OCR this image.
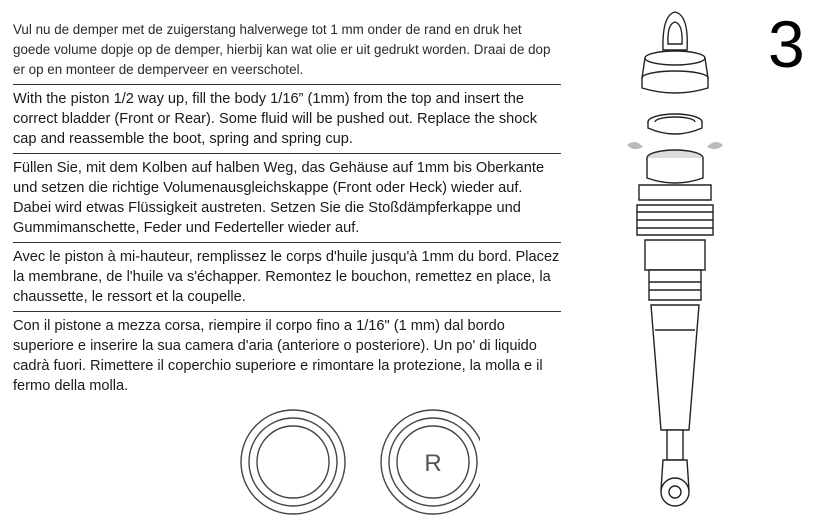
Vul nu de demper met de zuigerstang halverwege tot 1 mm onder de rand en druk het goede volume dopje op de demper, hierbij kan wat olie er uit gedrukt worden. Draai de dop er op en monteer de demperveer en veerschotel.

With the piston 1/2 way up, fill the body 1/16” (1mm) from the top and insert the correct bladder (Front or Rear). Some fluid will be pushed out. Replace the shock cap and reassemble the boot, spring and spring cup.

Füllen Sie, mit dem Kolben auf halben Weg, das Gehäuse auf 1mm bis Oberkante und setzen die richtige Volumenausgleichskappe (Front oder Heck) wieder auf. Dabei wird etwas Flüssigkeit austreten. Setzen Sie die Stoßdämpferkappe und Gummimanschette, Feder und Federteller wieder auf.

Avec le piston à mi-hauteur, remplissez le corps d'huile jusqu'à 1mm du bord. Placez la membrane, de l'huile va s'échapper. Remontez le bouchon, remettez en place, la chaussette, le ressort et la coupelle.

Con il pistone a mezza corsa, riempire il corpo fino a 1/16" (1 mm) dal bordo superiore e inserire la sua camera d'aria (anteriore o posteriore). Un po' di liquido cadrà fuori. Rimettere il coperchio superiore e rimontare la protezione, la molla e il fermo della molla.

3
R
